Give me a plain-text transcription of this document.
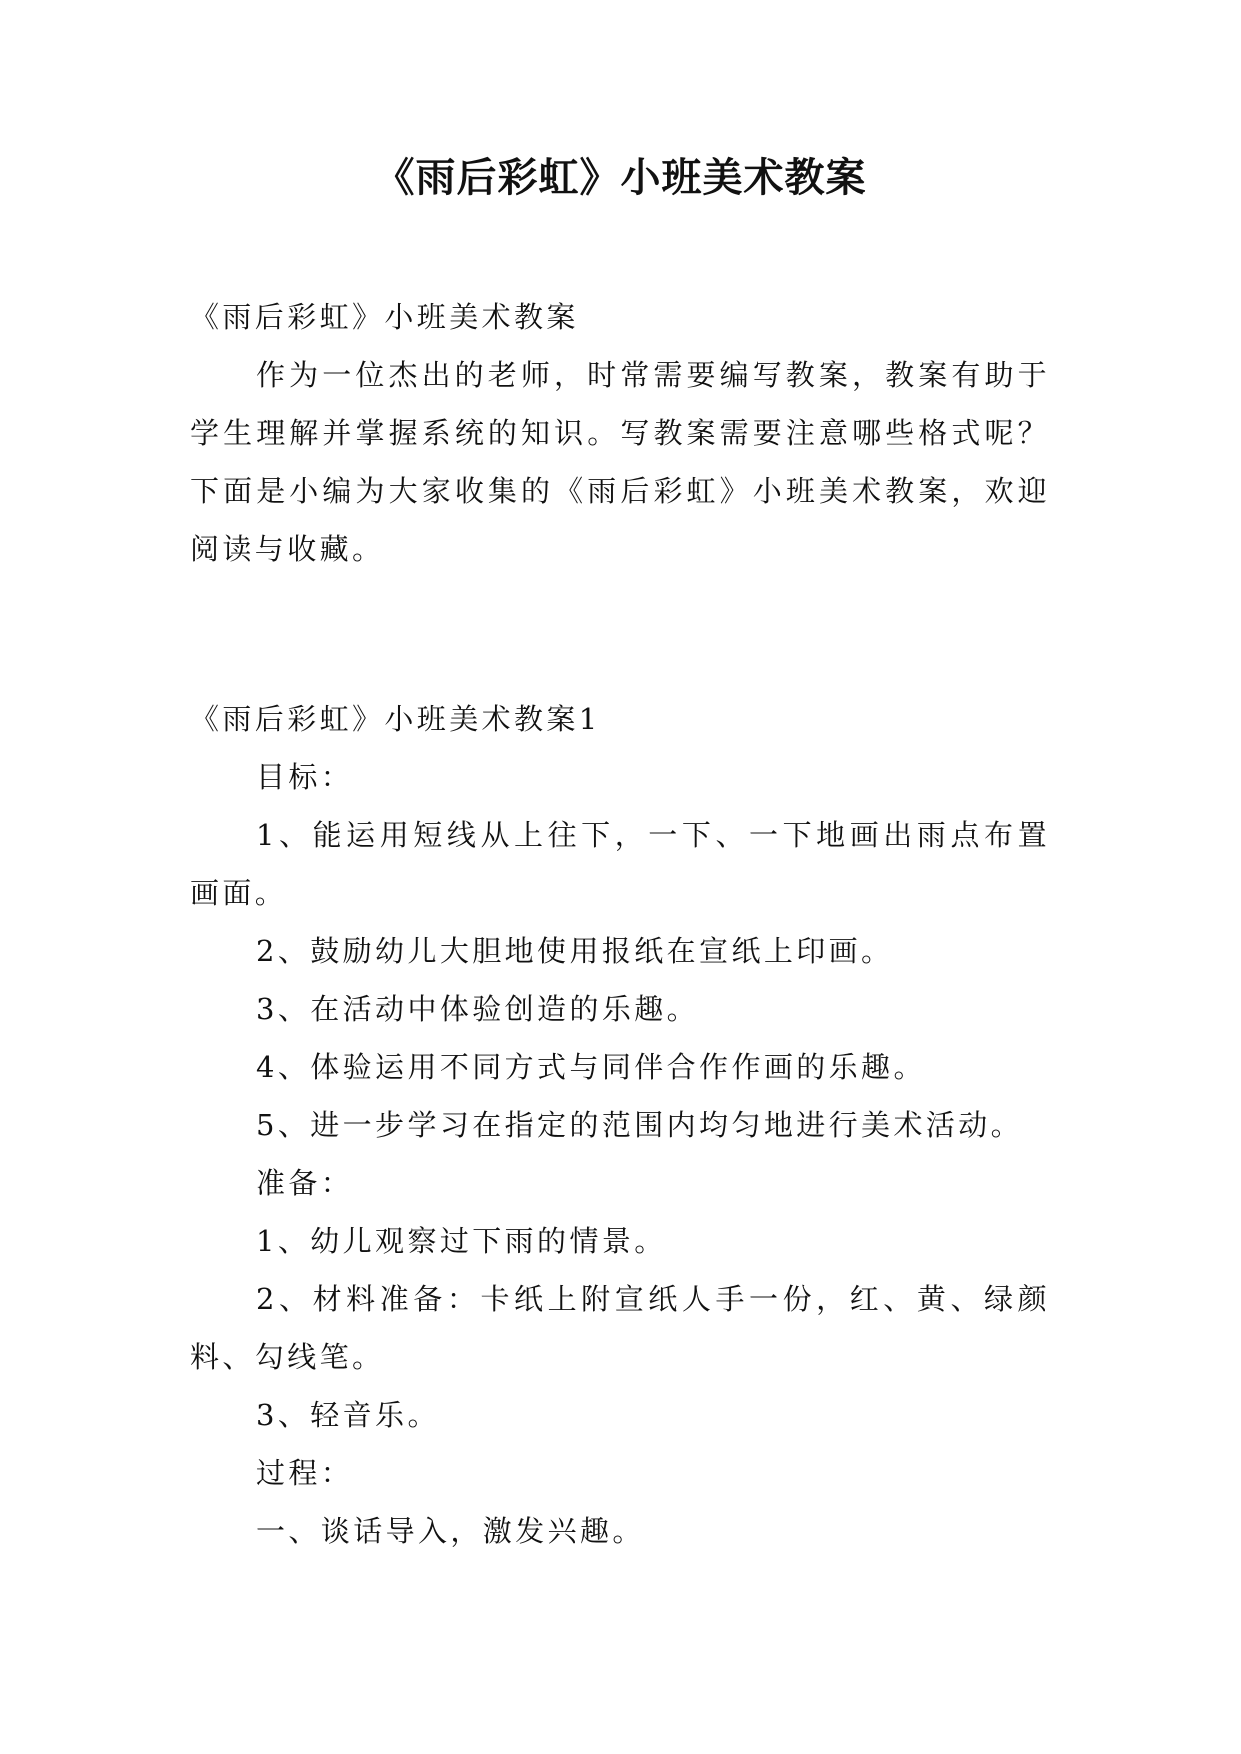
《雨后彩虹》小班美术教案

《雨后彩虹》小班美术教案

作为一位杰出的老师，时常需要编写教案，教案有助于学生理解并掌握系统的知识。写教案需要注意哪些格式呢？下面是小编为大家收集的《雨后彩虹》小班美术教案，欢迎阅读与收藏。

《雨后彩虹》小班美术教案1

目标：

1、能运用短线从上往下，一下、一下地画出雨点布置画面。

2、鼓励幼儿大胆地使用报纸在宣纸上印画。

3、在活动中体验创造的乐趣。

4、体验运用不同方式与同伴合作作画的乐趣。

5、进一步学习在指定的范围内均匀地进行美术活动。

准备：

1、幼儿观察过下雨的情景。

2、材料准备：卡纸上附宣纸人手一份，红、黄、绿颜料、勾线笔。

3、轻音乐。

过程：

一、谈话导入，激发兴趣。
